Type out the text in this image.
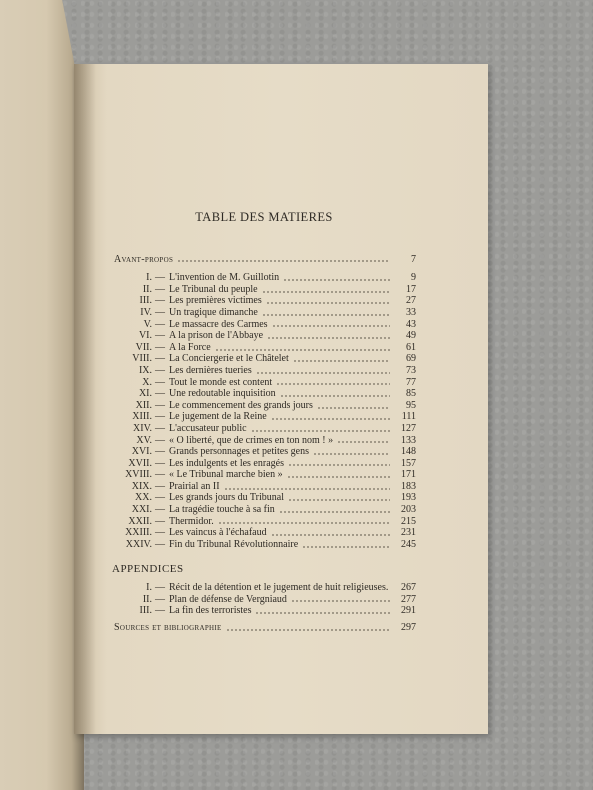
TABLE DES MATIERES
Avant-propos	7
I. — L'invention de M. Guillotin	9
II. — Le Tribunal du peuple	17
III. — Les premières victimes	27
IV. — Un tragique dimanche	33
V. — Le massacre des Carmes	43
VI. — A la prison de l'Abbaye	49
VII. — A la Force	61
VIII. — La Conciergerie et le Châtelet	69
IX. — Les dernières tueries	73
X. — Tout le monde est content	77
XI. — Une redoutable inquisition	85
XII. — Le commencement des grands jours	95
XIII. — Le jugement de la Reine	111
XIV. — L'accusateur public	127
XV. — « O liberté, que de crimes en ton nom ! »	133
XVI. — Grands personnages et petites gens	148
XVII. — Les indulgents et les enragés	157
XVIII. — « Le Tribunal marche bien »	171
XIX. — Prairial an II	183
XX. — Les grands jours du Tribunal	193
XXI. — La tragédie touche à sa fin	203
XXII. — Thermidor.	215
XXIII. — Les vaincus à l'échafaud	231
XXIV. — Fin du Tribunal Révolutionnaire	245
APPENDICES
I. — Récit de la détention et le jugement de huit religieuses.	267
II. — Plan de défense de Vergniaud	277
III. — La fin des terroristes	291
Sources et bibliographie	297
